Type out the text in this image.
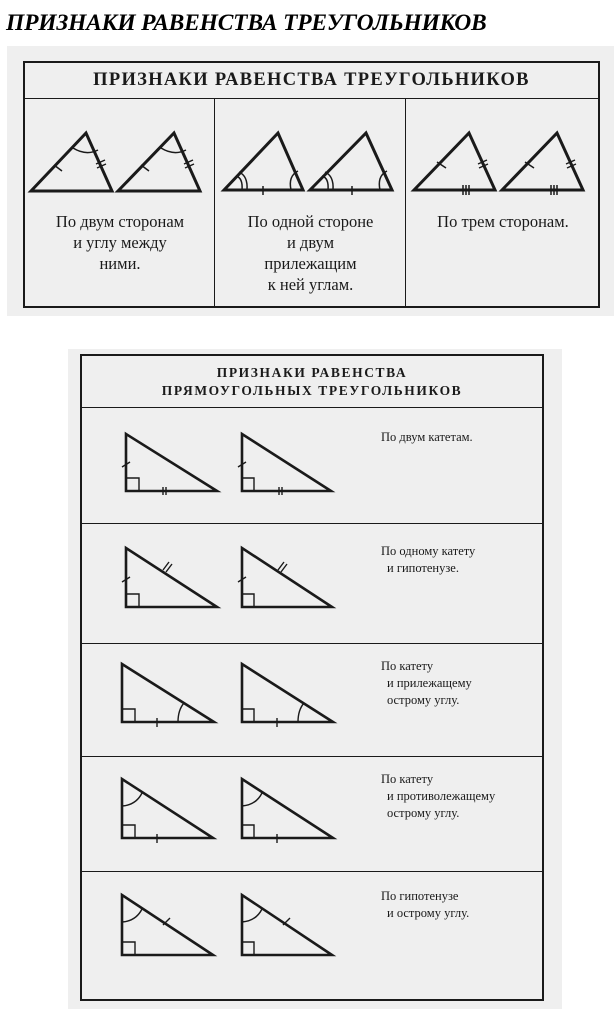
ПРИЗНАКИ РАВЕНСТВА ТРЕУГОЛЬНИКОВ
ПРИЗНАКИ РАВЕНСТВА ТРЕУГОЛЬНИКОВ
По двум сторонам
и углу между
ними.
По одной стороне
и двум
прилежащим
к ней углам.
По трем сторонам.
ПРИЗНАКИ РАВЕНСТВА
ПРЯМОУГОЛЬНЫХ ТРЕУГОЛЬНИКОВ
По двум катетам.
По одному катету
и гипотенузе.
По катету
и прилежащему
острому углу.
По катету
и противолежащему
острому углу.
По гипотенузе
и острому углу.
